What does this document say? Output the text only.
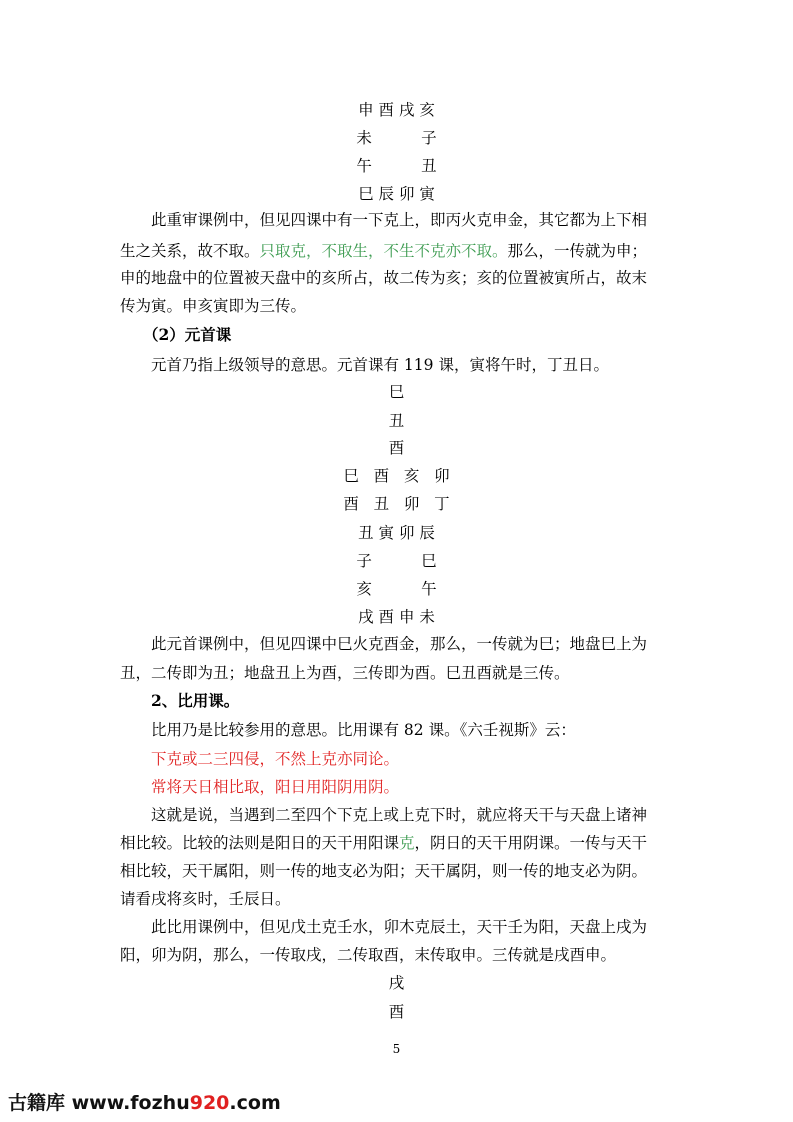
申 酉 戌 亥
未          子
午          丑
巳 辰 卯 寅
此重审课例中，但见四课中有一下克上，即丙火克申金，其它都为上下相
生之关系，故不取。只取克，不取生，不生不克亦不取。那么，一传就为申；
申的地盘中的位置被天盘中的亥所占，故二传为亥；亥的位置被寅所占，故末
传为寅。申亥寅即为三传。
（2）元首课
元首乃指上级领导的意思。元首课有 119 课，寅将午时，丁丑日。
巳
丑
酉
巳   酉   亥   卯
酉   丑   卯   丁
丑 寅 卯 辰
子          巳
亥          午
戌 酉 申 未
此元首课例中，但见四课中巳火克酉金，那么，一传就为巳；地盘巳上为
丑，二传即为丑；地盘丑上为酉，三传即为酉。巳丑酉就是三传。
2、比用课。
比用乃是比较参用的意思。比用课有 82 课。《六壬视斯》云：
下克或二三四侵，不然上克亦同论。
常将天日相比取，阳日用阳阴用阴。
这就是说，当遇到二至四个下克上或上克下时，就应将天干与天盘上诸神
相比较。比较的法则是阳日的天干用阳课克，阴日的天干用阴课。一传与天干
相比较，天干属阳，则一传的地支必为阳；天干属阴，则一传的地支必为阴。
请看戌将亥时，壬辰日。
此比用课例中，但见戊土克壬水，卯木克辰土，天干壬为阳，天盘上戌为
阳，卯为阴，那么，一传取戌，二传取酉，末传取申。三传就是戌酉申。
戌
酉
5
古籍库 www.fozhu920.com
